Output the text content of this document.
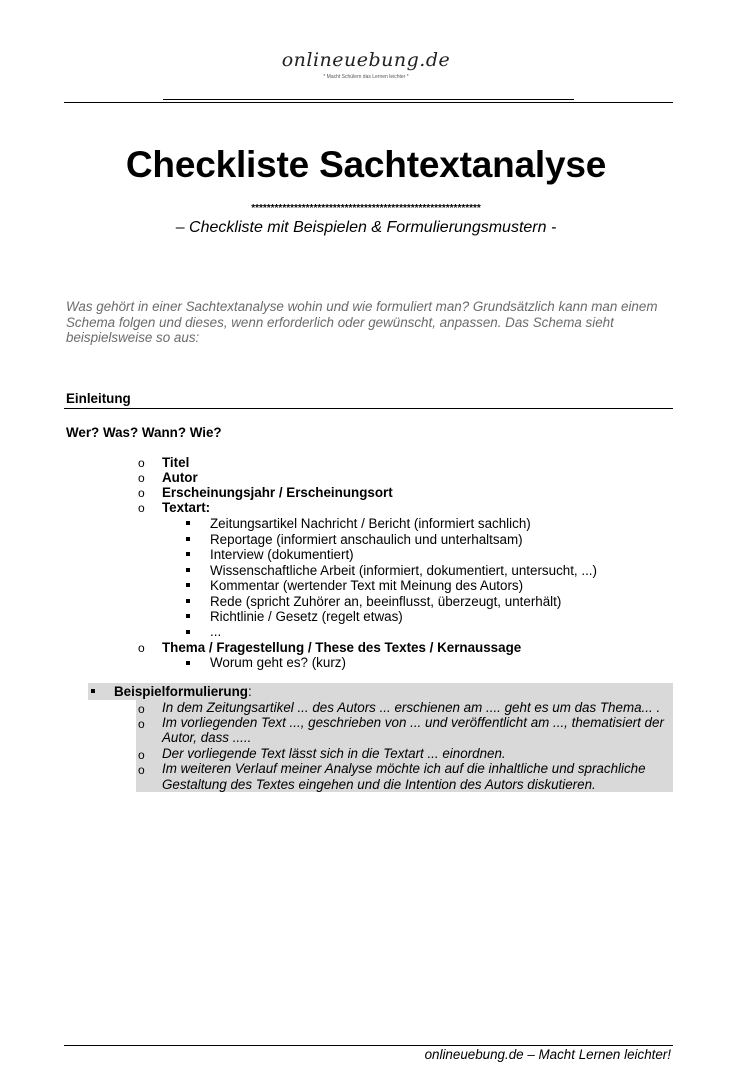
onlineuebung.de
* Macht Schülern das Lernen leichter *
Checkliste Sachtextanalyse
***********************************************************
– Checkliste mit Beispielen & Formulierungsmustern -
Was gehört in einer Sachtextanalyse wohin und wie formuliert man? Grundsätzlich kann man einem
Schema folgen und dieses, wenn erforderlich oder gewünscht, anpassen. Das Schema sieht
beispielsweise so aus:
Einleitung
Wer? Was? Wann? Wie?
o Titel
o Autor
o Erscheinungsjahr / Erscheinungsort
o Textart:
Zeitungsartikel Nachricht / Bericht (informiert sachlich)
Reportage (informiert anschaulich und unterhaltsam)
Interview (dokumentiert)
Wissenschaftliche Arbeit (informiert, dokumentiert, untersucht, ...)
Kommentar (wertender Text mit Meinung des Autors)
Rede (spricht Zuhörer an, beeinflusst, überzeugt, unterhält)
Richtlinie / Gesetz (regelt etwas)
...
o Thema / Fragestellung / These des Textes / Kernaussage
Worum geht es? (kurz)
Beispielformulierung:
o In dem Zeitungsartikel ... des Autors ... erschienen am .... geht es um das Thema... .
o Im vorliegenden Text ..., geschrieben von ... und veröffentlicht am ..., thematisiert der
Autor, dass .....
o Der vorliegende Text lässt sich in die Textart ... einordnen.
o Im weiteren Verlauf meiner Analyse möchte ich auf die inhaltliche und sprachliche
Gestaltung des Textes eingehen und die Intention des Autors diskutieren.
onlineuebung.de – Macht Lernen leichter!
